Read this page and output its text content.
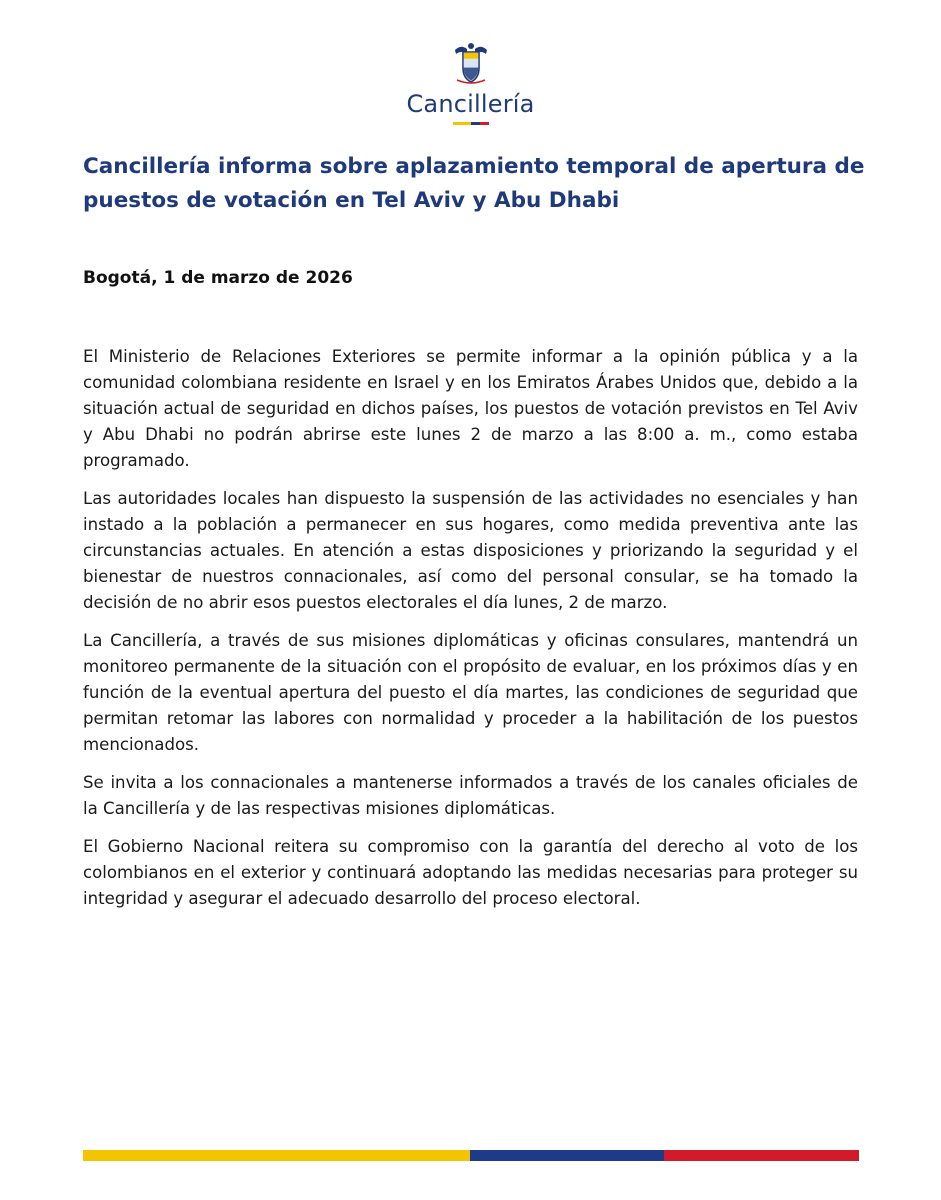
Cancillería
Cancillería informa sobre aplazamiento temporal de apertura de puestos de votación en Tel Aviv y Abu Dhabi

Bogotá, 1 de marzo de 2026

El Ministerio de Relaciones Exteriores se permite informar a la opinión pública y a la comunidad colombiana residente en Israel y en los Emiratos Árabes Unidos que, debido a la situación actual de seguridad en dichos países, los puestos de votación previstos en Tel Aviv y Abu Dhabi no podrán abrirse este lunes 2 de marzo a las 8:00 a. m., como estaba programado.

Las autoridades locales han dispuesto la suspensión de las actividades no esenciales y han instado a la población a permanecer en sus hogares, como medida preventiva ante las circunstancias actuales. En atención a estas disposiciones y priorizando la seguridad y el bienestar de nuestros connacionales, así como del personal consular, se ha tomado la decisión de no abrir esos puestos electorales el día lunes, 2 de marzo.

La Cancillería, a través de sus misiones diplomáticas y oficinas consulares, mantendrá un monitoreo permanente de la situación con el propósito de evaluar, en los próximos días y en función de la eventual apertura del puesto el día martes, las condiciones de seguridad que permitan retomar las labores con normalidad y proceder a la habilitación de los puestos mencionados.

Se invita a los connacionales a mantenerse informados a través de los canales oficiales de la Cancillería y de las respectivas misiones diplomáticas.

El Gobierno Nacional reitera su compromiso con la garantía del derecho al voto de los colombianos en el exterior y continuará adoptando las medidas necesarias para proteger su integridad y asegurar el adecuado desarrollo del proceso electoral.
